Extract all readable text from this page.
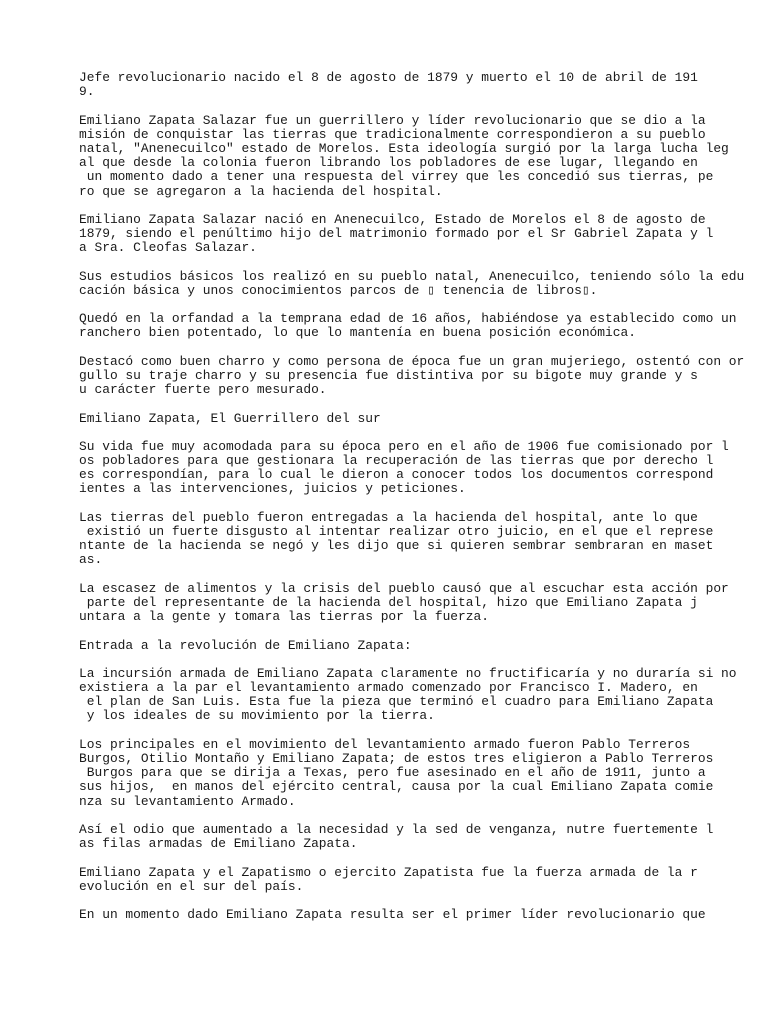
Jefe revolucionario nacido el 8 de agosto de 1879 y muerto el 10 de abril de 191
9.
Emiliano Zapata Salazar fue un guerrillero y líder revolucionario que se dio a la
misión de conquistar las tierras que tradicionalmente correspondieron a su pueblo
natal, "Anenecuilco" estado de Morelos. Esta ideología surgió por la larga lucha leg
al que desde la colonia fueron librando los pobladores de ese lugar, llegando en
un momento dado a tener una respuesta del virrey que les concedió sus tierras, pe
ro que se agregaron a la hacienda del hospital.
Emiliano Zapata Salazar nació en Anenecuilco, Estado de Morelos el 8 de agosto de
1879, siendo el penúltimo hijo del matrimonio formado por el Sr Gabriel Zapata y l
a Sra. Cleofas Salazar.
Sus estudios básicos los realizó en su pueblo natal, Anenecuilco, teniendo sólo la edu
cación básica y unos conocimientos parcos de ▯ tenencia de libros▯.
Quedó en la orfandad a la temprana edad de 16 años, habiéndose ya establecido como un
ranchero bien potentado, lo que lo mantenía en buena posición económica.
Destacó como buen charro y como persona de época fue un gran mujeriego, ostentó con or
gullo su traje charro y su presencia fue distintiva por su bigote muy grande y s
u carácter fuerte pero mesurado.
Emiliano Zapata, El Guerrillero del sur
Su vida fue muy acomodada para su época pero en el año de 1906 fue comisionado por l
os pobladores para que gestionara la recuperación de las tierras que por derecho l
es correspondían, para lo cual le dieron a conocer todos los documentos correspond
ientes a las intervenciones, juicios y peticiones.
Las tierras del pueblo fueron entregadas a la hacienda del hospital, ante lo que
existió un fuerte disgusto al intentar realizar otro juicio, en el que el represe
ntante de la hacienda se negó y les dijo que si quieren sembrar sembraran en maset
as.
La escasez de alimentos y la crisis del pueblo causó que al escuchar esta acción por
parte del representante de la hacienda del hospital, hizo que Emiliano Zapata j
untara a la gente y tomara las tierras por la fuerza.
Entrada a la revolución de Emiliano Zapata:
La incursión armada de Emiliano Zapata claramente no fructificaría y no duraría si no
existiera a la par el levantamiento armado comenzado por Francisco I. Madero, en
el plan de San Luis. Esta fue la pieza que terminó el cuadro para Emiliano Zapata
y los ideales de su movimiento por la tierra.
Los principales en el movimiento del levantamiento armado fueron Pablo Terreros
Burgos, Otilio Montaño y Emiliano Zapata; de estos tres eligieron a Pablo Terreros
Burgos para que se dirija a Texas, pero fue asesinado en el año de 1911, junto a
sus hijos,  en manos del ejército central, causa por la cual Emiliano Zapata comie
nza su levantamiento Armado.
Así el odio que aumentado a la necesidad y la sed de venganza, nutre fuertemente l
as filas armadas de Emiliano Zapata.
Emiliano Zapata y el Zapatismo o ejercito Zapatista fue la fuerza armada de la r
evolución en el sur del país.
En un momento dado Emiliano Zapata resulta ser el primer líder revolucionario que
